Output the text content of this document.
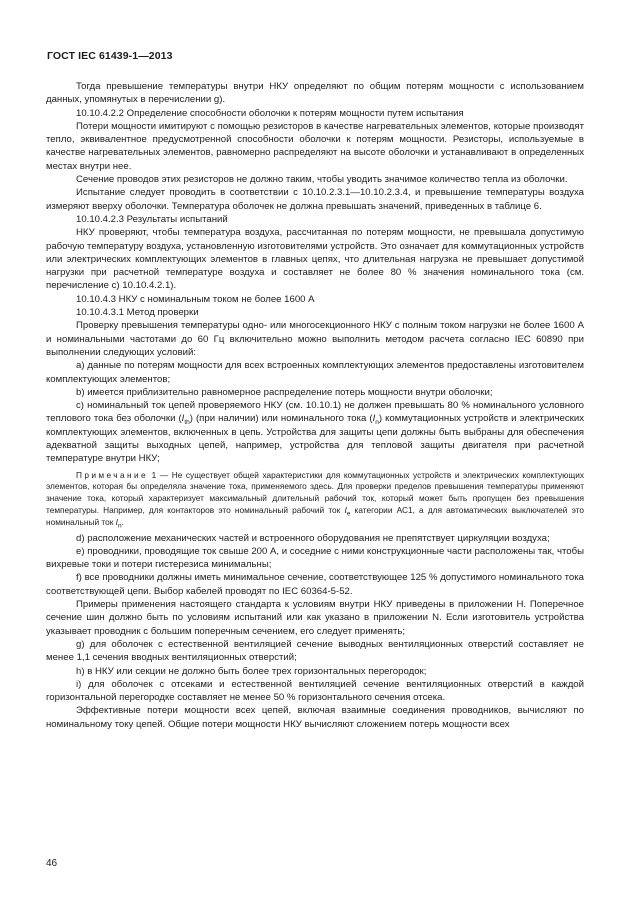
ГОСТ IEC 61439-1—2013

Тогда превышение температуры внутри НКУ определяют по общим потерям мощности с использованием данных, упомянутых в перечислении g).

10.10.4.2.2 Определение способности оболочки к потерям мощности путем испытания

Потери мощности имитируют с помощью резисторов в качестве нагревательных элементов, которые производят тепло, эквивалентное предусмотренной способности оболочки к потерям мощности. Резисторы, используемые в качестве нагревательных элементов, равномерно распределяют на высоте оболочки и устанавливают в определенных местах внутри нее.

Сечение проводов этих резисторов не должно таким, чтобы уводить значимое количество тепла из оболочки.

Испытание следует проводить в соответствии с 10.10.2.3.1—10.10.2.3.4, и превышение температуры воздуха измеряют вверху оболочки. Температура оболочек не должна превышать значений, приведенных в таблице 6.

10.10.4.2.3 Результаты испытаний

НКУ проверяют, чтобы температура воздуха, рассчитанная по потерям мощности, не превышала допустимую рабочую температуру воздуха, установленную изготовителями устройств. Это означает для коммутационных устройств или электрических комплектующих элементов в главных цепях, что длительная нагрузка не превышает допустимой нагрузки при расчетной температуре воздуха и составляет не более 80 % значения номинального тока (см. перечисление с) 10.10.4.2.1).

10.10.4.3 НКУ с номинальным током не более 1600 А

10.10.4.3.1 Метод проверки

Проверку превышения температуры одно- или многосекционного НКУ с полным током нагрузки не более 1600 А и номинальными частотами до 60 Гц включительно можно выполнить методом расчета согласно IEC 60890 при выполнении следующих условий:

а) данные по потерям мощности для всех встроенных комплектующих элементов предоставлены изготовителем комплектующих элементов;

b) имеется приблизительно равномерное распределение потерь мощности внутри оболочки;

с) номинальный ток цепей проверяемого НКУ (см. 10.10.1) не должен превышать 80 % номинального условного теплового тока без оболочки $(I_{th})$ (при наличии) или номинального тока $(I_n)$ коммутационных устройств и электрических комплектующих элементов, включенных в цепь. Устройства для защиты цепи должны быть выбраны для обеспечения адекватной защиты выходных цепей, например, устройства для тепловой защиты двигателя при расчетной температуре внутри НКУ;

Примечание 1 — Не существует общей характеристики для коммутационных устройств и электрических комплектующих элементов, которая бы определяла значение тока, применяемого здесь. Для проверки пределов превышения температуры применяют значение тока, который характеризует максимальный длительный рабочий ток, который может быть пропущен без превышения температуры. Например, для контакторов это номинальный рабочий ток $I_e$ категории АС1, а для автоматических выключателей это номинальный ток $I_n$.

d) расположение механических частей и встроенного оборудования не препятствует циркуляции воздуха;

е) проводники, проводящие ток свыше 200 А, и соседние с ними конструкционные части расположены так, чтобы вихревые токи и потери гистерезиса минимальны;

f) все проводники должны иметь минимальное сечение, соответствующее 125 % допустимого номинального тока соответствующей цепи. Выбор кабелей проводят по IEC 60364-5-52.

Примеры применения настоящего стандарта к условиям внутри НКУ приведены в приложении Н. Поперечное сечение шин должно быть по условиям испытаний или как указано в приложении N. Если изготовитель устройства указывает проводник с большим поперечным сечением, его следует применять;

g) для оболочек с естественной вентиляцией сечение выводных вентиляционных отверстий составляет не менее 1,1 сечения вводных вентиляционных отверстий;

h) в НКУ или секции не должно быть более трех горизонтальных перегородок;

i) для оболочек с отсеками и естественной вентиляцией сечение вентиляционных отверстий в каждой горизонтальной перегородке составляет не менее 50 % горизонтального сечения отсека.

Эффективные потери мощности всех цепей, включая взаимные соединения проводников, вычисляют по номинальному току цепей. Общие потери мощности НКУ вычисляют сложением потерь мощности всех

46
